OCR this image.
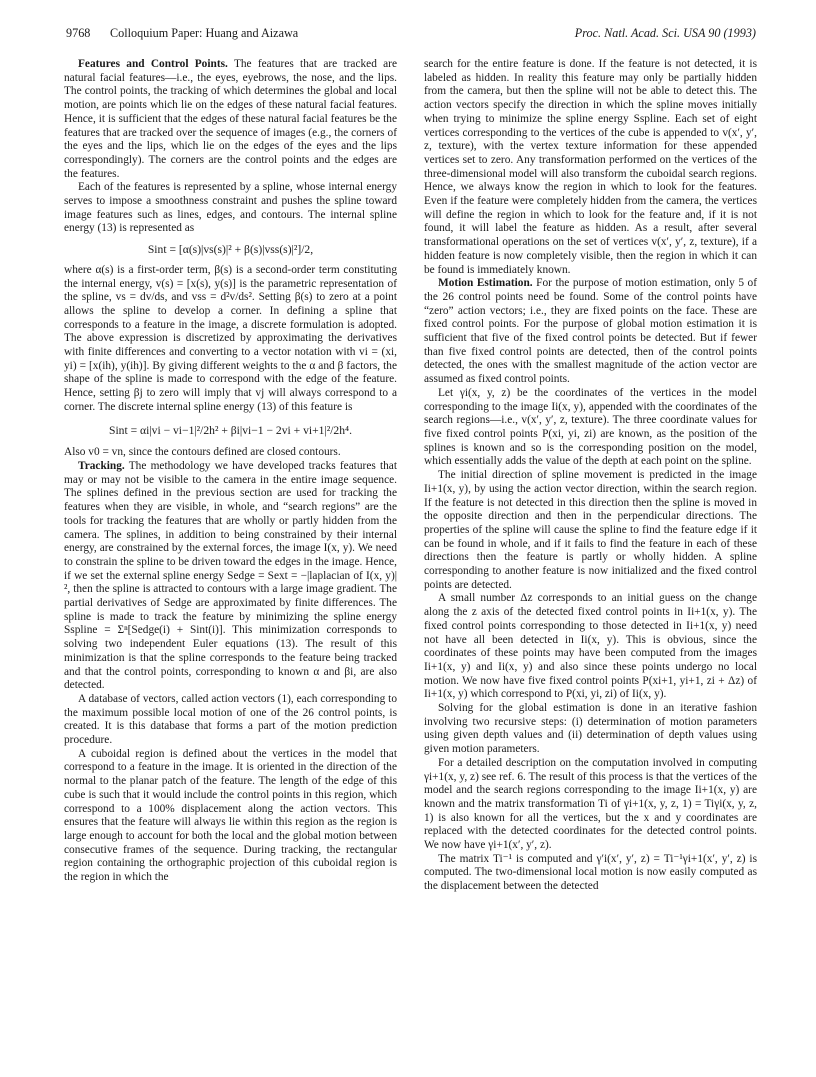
9768 Colloquium Paper: Huang and Aizawa	Proc. Natl. Acad. Sci. USA 90 (1993)

Features and Control Points. The features that are tracked are natural facial features—i.e., the eyes, eyebrows, the nose, and the lips. The control points, the tracking of which determines the global and local motion, are points which lie on the edges of these natural facial features. Hence, it is sufficient that the edges of these natural facial features be the features that are tracked over the sequence of images (e.g., the corners of the eyes and the lips, which lie on the edges of the eyes and the lips correspondingly). The corners are the control points and the edges are the features.

Each of the features is represented by a spline, whose internal energy serves to impose a smoothness constraint and pushes the spline toward image features such as lines, edges, and contours. The internal spline energy (13) is represented as

Sint = [α(s)|vs(s)|² + β(s)|vss(s)|²]/2,

where α(s) is a first-order term, β(s) is a second-order term constituting the internal energy, v(s) = [x(s), y(s)] is the parametric representation of the spline, vs = dv/ds, and vss = d²v/ds². Setting β(s) to zero at a point allows the spline to develop a corner. In defining a spline that corresponds to a feature in the image, a discrete formulation is adopted. The above expression is discretized by approximating the derivatives with finite differences and converting to a vector notation with vi = (xi, yi) = [x(ih), y(ih)]. By giving different weights to the α and β factors, the shape of the spline is made to correspond with the edge of the feature. Hence, setting βj to zero will imply that vj will always correspond to a corner. The discrete internal spline energy (13) of this feature is

Sint = αi|vi − vi−1|²/2h² + βi|vi−1 − 2vi + vi+1|²/2h⁴.

Also v0 = vn, since the contours defined are closed contours.

Tracking. The methodology we have developed tracks features that may or may not be visible to the camera in the entire image sequence. The splines defined in the previous section are used for tracking the features when they are visible, in whole, and “search regions” are the tools for tracking the features that are wholly or partly hidden from the camera. The splines, in addition to being constrained by their internal energy, are constrained by the external forces, the image I(x, y). We need to constrain the spline to be driven toward the edges in the image. Hence, if we set the external spline energy Sedge = Sext = −|laplacian of I(x, y)|², then the spline is attracted to contours with a large image gradient. The partial derivatives of Sedge are approximated by finite differences. The spline is made to track the feature by minimizing the spline energy Sspline = Σⁿ[Sedge(i) + Sint(i)]. This minimization corresponds to solving two independent Euler equations (13). The result of this minimization is that the spline corresponds to the feature being tracked and that the control points, corresponding to known α and βi, are also detected.

A database of vectors, called action vectors (1), each corresponding to the maximum possible local motion of one of the 26 control points, is created. It is this database that forms a part of the motion prediction procedure.

A cuboidal region is defined about the vertices in the model that correspond to a feature in the image. It is oriented in the direction of the normal to the planar patch of the feature. The length of the edge of this cube is such that it would include the control points in this region, which correspond to a 100% displacement along the action vectors. This ensures that the feature will always lie within this region as the region is large enough to account for both the local and the global motion between consecutive frames of the sequence. During tracking, the rectangular region containing the orthographic projection of this cuboidal region is the region in which the

search for the entire feature is done. If the feature is not detected, it is labeled as hidden. In reality this feature may only be partially hidden from the camera, but then the spline will not be able to detect this. The action vectors specify the direction in which the spline moves initially when trying to minimize the spline energy Sspline. Each set of eight vertices corresponding to the vertices of the cube is appended to v(x′, y′, z, texture), with the vertex texture information for these appended vertices set to zero. Any transformation performed on the vertices of the three-dimensional model will also transform the cuboidal search regions. Hence, we always know the region in which to look for the features. Even if the feature were completely hidden from the camera, the vertices will define the region in which to look for the feature and, if it is not found, it will label the feature as hidden. As a result, after several transformational operations on the set of vertices v(x′, y′, z, texture), if a hidden feature is now completely visible, then the region in which it can be found is immediately known.

Motion Estimation. For the purpose of motion estimation, only 5 of the 26 control points need be found. Some of the control points have “zero” action vectors; i.e., they are fixed points on the face. These are fixed control points. For the purpose of global motion estimation it is sufficient that five of the fixed control points be detected. But if fewer than five fixed control points are detected, then of the control points detected, the ones with the smallest magnitude of the action vector are assumed as fixed control points.

Let γi(x, y, z) be the coordinates of the vertices in the model corresponding to the image Ii(x, y), appended with the coordinates of the search regions—i.e., v(x′, y′, z, texture). The three coordinate values for five fixed control points P(xi, yi, zi) are known, as the position of the splines is known and so is the corresponding position on the model, which essentially adds the value of the depth at each point on the spline.

The initial direction of spline movement is predicted in the image Ii+1(x, y), by using the action vector direction, within the search region. If the feature is not detected in this direction then the spline is moved in the opposite direction and then in the perpendicular directions. The properties of the spline will cause the spline to find the feature edge if it can be found in whole, and if it fails to find the feature in each of these directions then the feature is partly or wholly hidden. A spline corresponding to another feature is now initialized and the fixed control points are detected.

A small number Δz corresponds to an initial guess on the change along the z axis of the detected fixed control points in Ii+1(x, y). The fixed control points corresponding to those detected in Ii+1(x, y) need not have all been detected in Ii(x, y). This is obvious, since the coordinates of these points may have been computed from the images Ii+1(x, y) and Ii(x, y) and also since these points undergo no local motion. We now have five fixed control points P(xi+1, yi+1, zi + Δz) of Ii+1(x, y) which correspond to P(xi, yi, zi) of Ii(x, y).

Solving for the global estimation is done in an iterative fashion involving two recursive steps: (i) determination of motion parameters using given depth values and (ii) determination of depth values using given motion parameters.

For a detailed description on the computation involved in computing γi+1(x, y, z) see ref. 6. The result of this process is that the vertices of the model and the search regions corresponding to the image Ii+1(x, y) are known and the matrix transformation Ti of γi+1(x, y, z, 1) = Tiγi(x, y, z, 1) is also known for all the vertices, but the x and y coordinates are replaced with the detected coordinates for the detected control points. We now have γi+1(x′, y′, z).

The matrix Ti⁻¹ is computed and γ′i(x′, y′, z) = Ti⁻¹γi+1(x′, y′, z) is computed. The two-dimensional local motion is now easily computed as the displacement between the detected
